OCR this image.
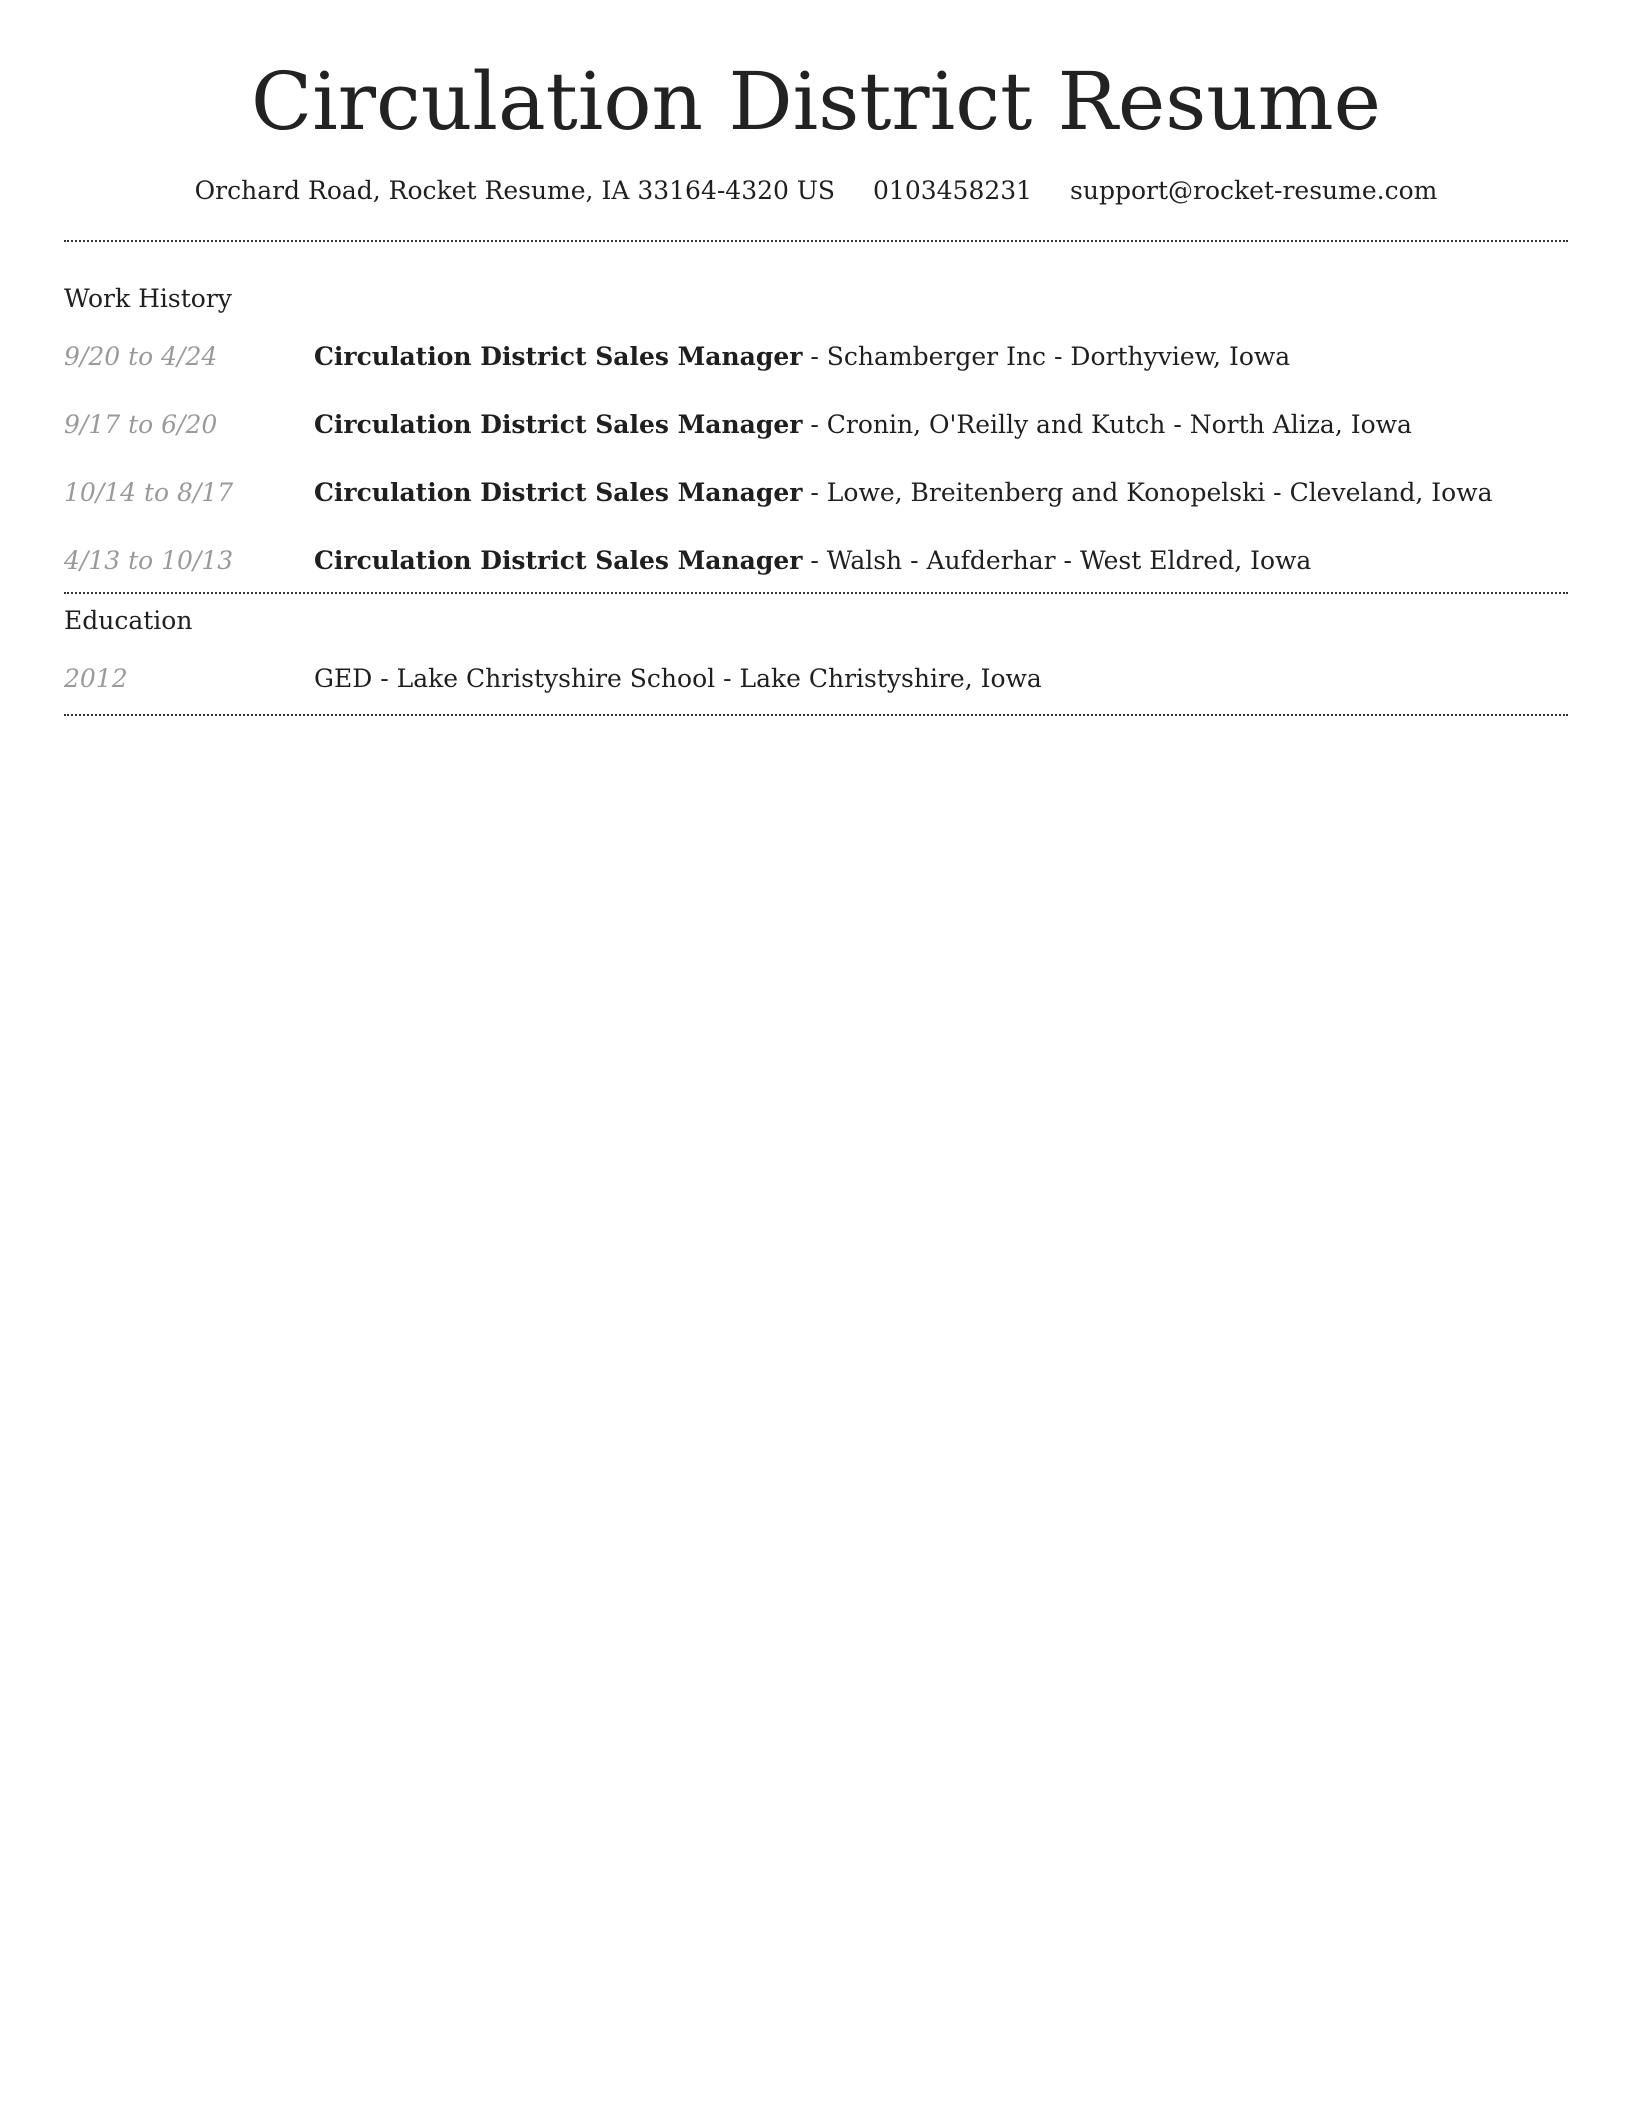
Circulation District Resume
Orchard Road, Rocket Resume, IA 33164-4320 US 0103458231 support@rocket-resume.com
Work History
9/20 to 4/24	Circulation District Sales Manager - Schamberger Inc - Dorthyview, Iowa
9/17 to 6/20	Circulation District Sales Manager - Cronin, O'Reilly and Kutch - North Aliza, Iowa
10/14 to 8/17	Circulation District Sales Manager - Lowe, Breitenberg and Konopelski - Cleveland, Iowa
4/13 to 10/13	Circulation District Sales Manager - Walsh - Aufderhar - West Eldred, Iowa
Education
2012	GED - Lake Christyshire School - Lake Christyshire, Iowa
